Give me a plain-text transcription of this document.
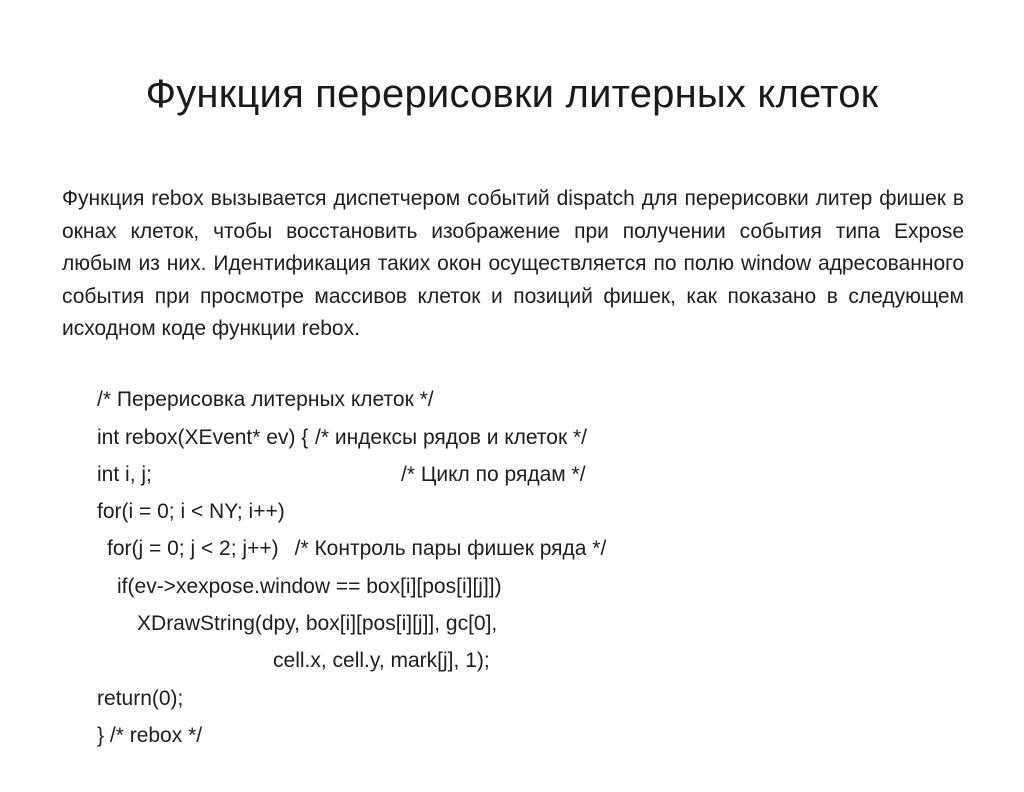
Функция перерисовки литерных клеток
Функция rebox вызывается диспетчером событий dispatch для перерисовки литер фишек в окнах клеток, чтобы восстановить изображение при получении события типа Expose любым из них. Идентификация таких окон осуществляется по полю window адресованного события при просмотре массивов клеток и позиций фишек, как показано в следующем исходном коде функции rebox.

/* Перерисовка литерных клеток */

int rebox(XEvent* ev) {

int i, j;

/* индексы рядов и клеток */

for(i = 0; i < NY; i++)

/* Цикл по рядам */

for(j = 0; j < 2; j++) /* Контроль пары фишек ряда */

if(ev->xexpose.window == box[i][pos[i][j]])

XDrawString(dpy, box[i][pos[i][j]], gc[0],

cell.x, cell.y, mark[j], 1);

return(0);

} /* rebox */
